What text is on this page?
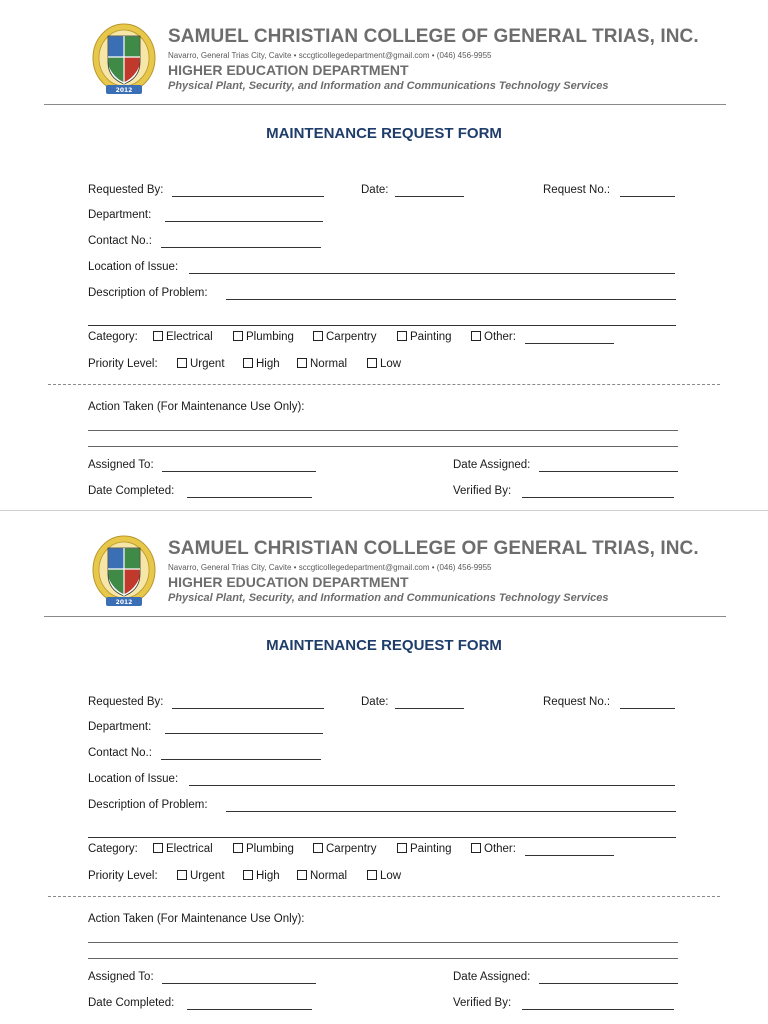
2012
SAMUEL CHRISTIAN COLLEGE OF GENERAL TRIAS, INC.
Navarro, General Trias City, Cavite • sccgticollegedepartment@gmail.com • (046) 456-9955
HIGHER EDUCATION DEPARTMENT
Physical Plant, Security, and Information and Communications Technology Services
MAINTENANCE REQUEST FORM
Requested By:	Date:	Request No.:
Department:
Contact No.:
Location of Issue:
Description of Problem:
Category:	Electrical	Plumbing	Carpentry	Painting	Other:
Priority Level:	Urgent	High	Normal	Low
Action Taken (For Maintenance Use Only):
Assigned To:	Date Assigned:
Date Completed:	Verified By:
2012
SAMUEL CHRISTIAN COLLEGE OF GENERAL TRIAS, INC.
Navarro, General Trias City, Cavite • sccgticollegedepartment@gmail.com • (046) 456-9955
HIGHER EDUCATION DEPARTMENT
Physical Plant, Security, and Information and Communications Technology Services
MAINTENANCE REQUEST FORM
Requested By:	Date:	Request No.:
Department:
Contact No.:
Location of Issue:
Description of Problem:
Category:	Electrical	Plumbing	Carpentry	Painting	Other:
Priority Level:	Urgent	High	Normal	Low
Action Taken (For Maintenance Use Only):
Assigned To:	Date Assigned:
Date Completed:	Verified By:
